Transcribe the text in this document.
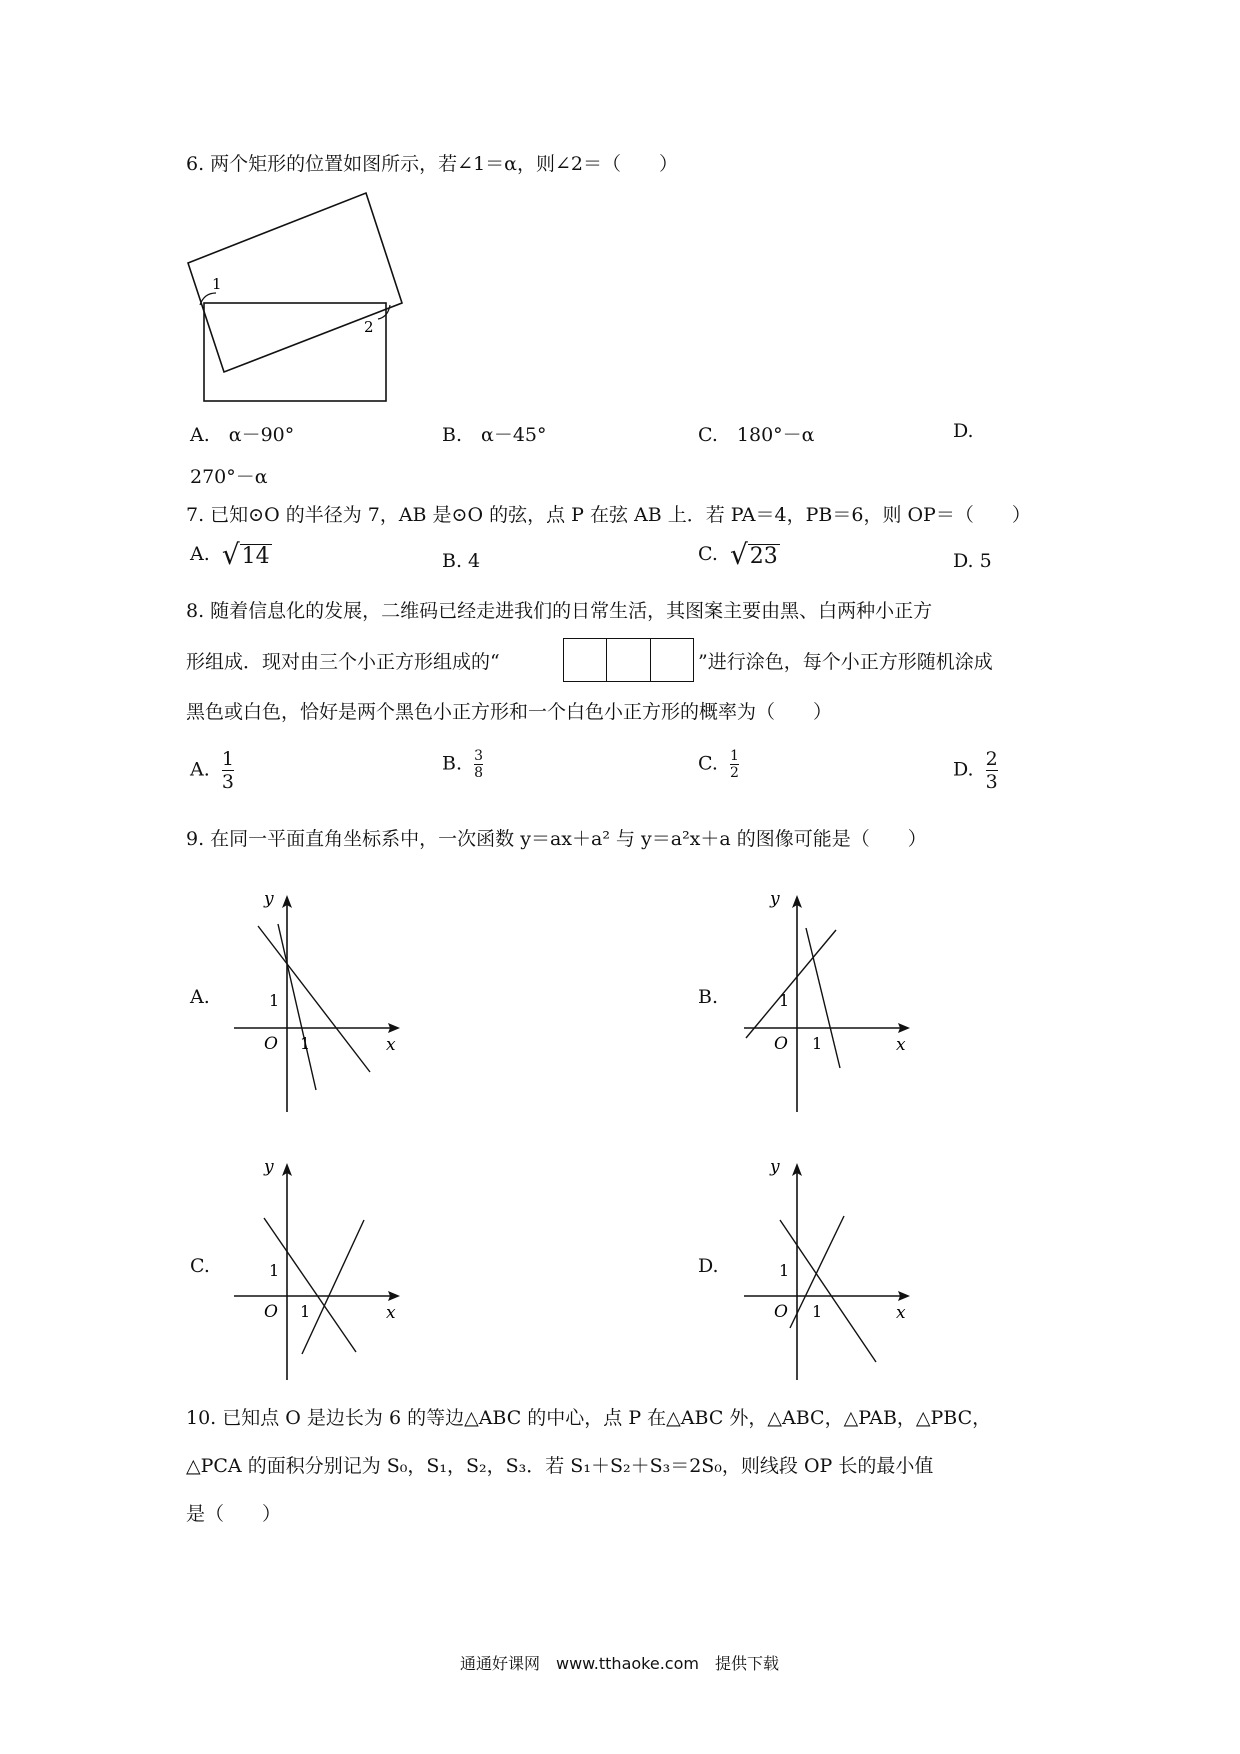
6. 两个矩形的位置如图所示，若∠1＝α，则∠2＝（　　）
1
2
A.　α－90°	B.　α－45°	C.　180°－α	D.
270°－α
7. 已知⊙O 的半径为 7，AB 是⊙O 的弦，点 P 在弦 AB 上．若 PA＝4，PB＝6，则 OP＝（　　）
A. √ 14	B. 4	C. √ 23	D. 5
8. 随着信息化的发展，二维码已经走进我们的日常生活，其图案主要由黑、白两种小正方
形组成．现对由三个小正方形组成的“	”进行涂色，每个小正方形随机涂成
黑色或白色，恰好是两个黑色小正方形和一个白色小正方形的概率为（　　）
A. $\frac{1}{3}$	B. $\frac{3}{8}$	C. $\frac{1}{2}$	D. $\frac{2}{3}$
9. 在同一平面直角坐标系中，一次函数 y＝ax＋a² 与 y＝a²x＋a 的图像可能是（　　）
A.	B.
C.	D.
y
x
O 1
1
y
x
O 1
1
y
x
O 1
1
y
x
O 1
1
10. 已知点 O 是边长为 6 的等边△ABC 的中心，点 P 在△ABC 外，△ABC，△PAB，△PBC，
△PCA 的面积分别记为 S₀，S₁，S₂，S₃．若 S₁＋S₂＋S₃＝2S₀，则线段 OP 长的最小值
是（　　）
通通好课网　www.tthaoke.com　提供下载
